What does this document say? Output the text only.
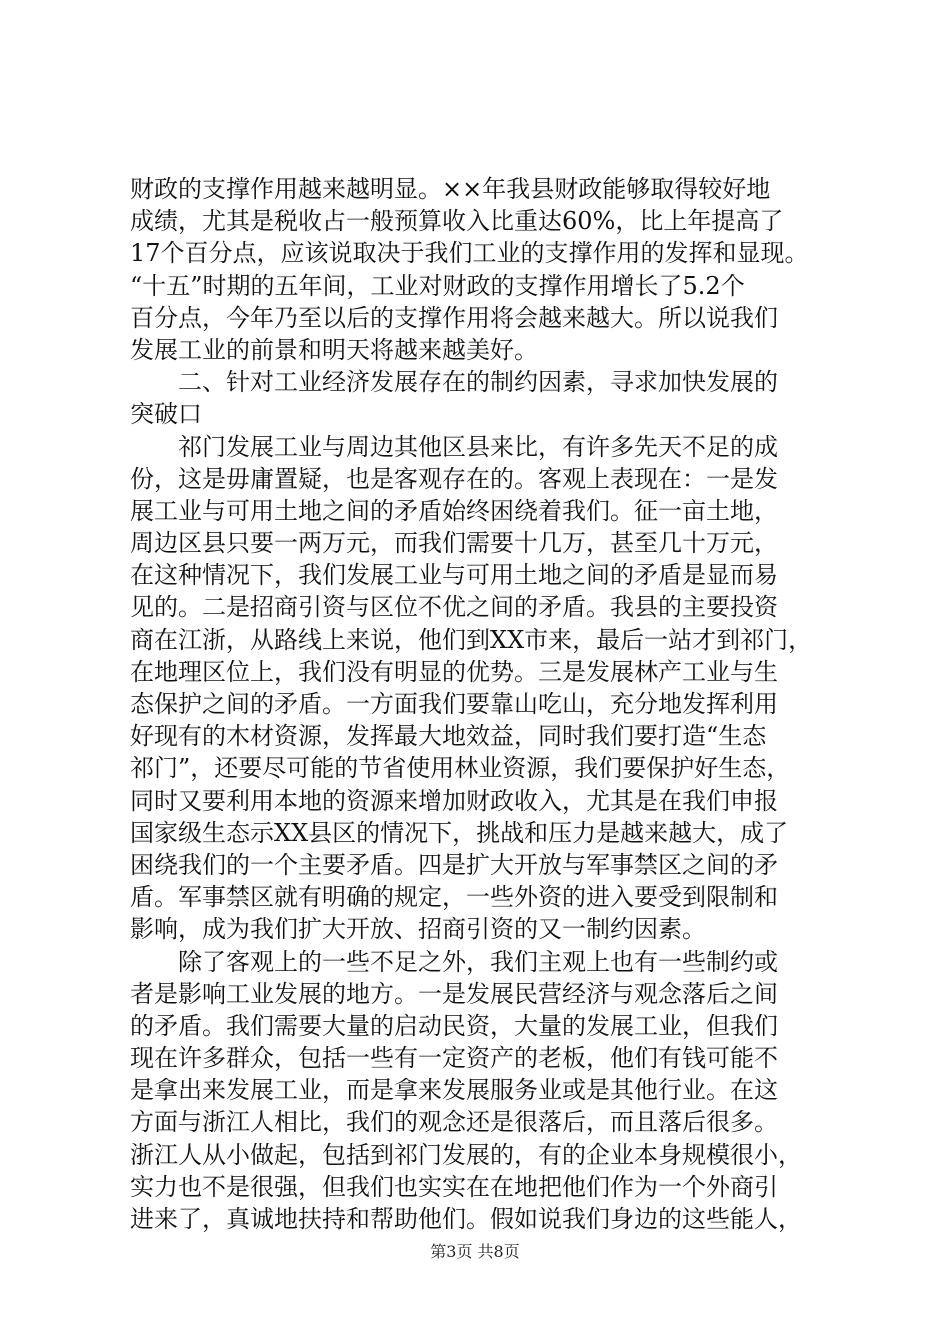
财政的支撑作用越来越明显。××年我县财政能够取得较好地
成绩，尤其是税收占一般预算收入比重达60%，比上年提高了
17个百分点，应该说取决于我们工业的支撑作用的发挥和显现。
“十五”时期的五年间，工业对财政的支撑作用增长了5.2个
百分点，今年乃至以后的支撑作用将会越来越大。所以说我们
发展工业的前景和明天将越来越美好。
　　二、针对工业经济发展存在的制约因素，寻求加快发展的
突破口
　　祁门发展工业与周边其他区县来比，有许多先天不足的成
份，这是毋庸置疑，也是客观存在的。客观上表现在：一是发
展工业与可用土地之间的矛盾始终困绕着我们。征一亩土地，
周边区县只要一两万元，而我们需要十几万，甚至几十万元，
在这种情况下，我们发展工业与可用土地之间的矛盾是显而易
见的。二是招商引资与区位不优之间的矛盾。我县的主要投资
商在江浙，从路线上来说，他们到XX市来，最后一站才到祁门，
在地理区位上，我们没有明显的优势。三是发展林产工业与生
态保护之间的矛盾。一方面我们要靠山吃山，充分地发挥利用
好现有的木材资源，发挥最大地效益，同时我们要打造“生态
祁门”，还要尽可能的节省使用林业资源，我们要保护好生态，
同时又要利用本地的资源来增加财政收入，尤其是在我们申报
国家级生态示XX县区的情况下，挑战和压力是越来越大，成了
困绕我们的一个主要矛盾。四是扩大开放与军事禁区之间的矛
盾。军事禁区就有明确的规定，一些外资的进入要受到限制和
影响，成为我们扩大开放、招商引资的又一制约因素。
　　除了客观上的一些不足之外，我们主观上也有一些制约或
者是影响工业发展的地方。一是发展民营经济与观念落后之间
的矛盾。我们需要大量的启动民资，大量的发展工业，但我们
现在许多群众，包括一些有一定资产的老板，他们有钱可能不
是拿出来发展工业，而是拿来发展服务业或是其他行业。在这
方面与浙江人相比，我们的观念还是很落后，而且落后很多。
浙江人从小做起，包括到祁门发展的，有的企业本身规模很小，
实力也不是很强，但我们也实实在在地把他们作为一个外商引
进来了，真诚地扶持和帮助他们。假如说我们身边的这些能人，
第3页 共8页
